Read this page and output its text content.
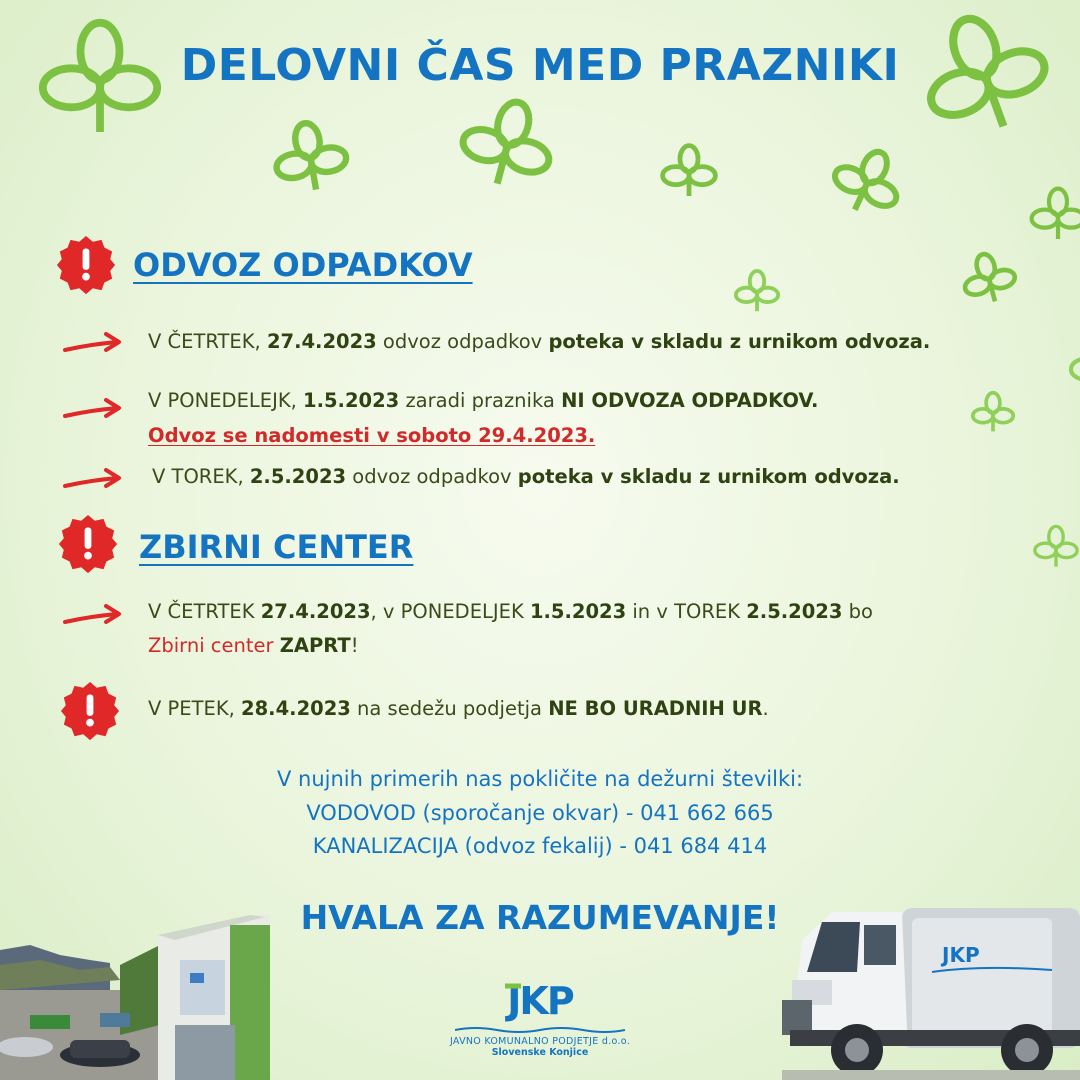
DELOVNI ČAS MED PRAZNIKI
ODVOZ ODPADKOV
V ČETRTEK, 27.4.2023 odvoz odpadkov poteka v skladu z urnikom odvoza.
V PONEDELEJK, 1.5.2023 zaradi praznika NI ODVOZA ODPADKOV.
Odvoz se nadomesti v soboto 29.4.2023.
V TOREK, 2.5.2023 odvoz odpadkov poteka v skladu z urnikom odvoza.
ZBIRNI CENTER
V ČETRTEK 27.4.2023, v PONEDELJEK 1.5.2023 in v TOREK 2.5.2023 bo
Zbirni center ZAPRT!
V PETEK, 28.4.2023 na sedežu podjetja NE BO URADNIH UR.
V nujnih primerih nas pokličite na dežurni številki:
VODOVOD (sporočanje okvar) - 041 662 665
KANALIZACIJA (odvoz fekalij) - 041 684 414
HVALA ZA RAZUMEVANJE!
JKP
JKP
JAVNO KOMUNALNO PODJETJE d.o.o.
Slovenske Konjice
